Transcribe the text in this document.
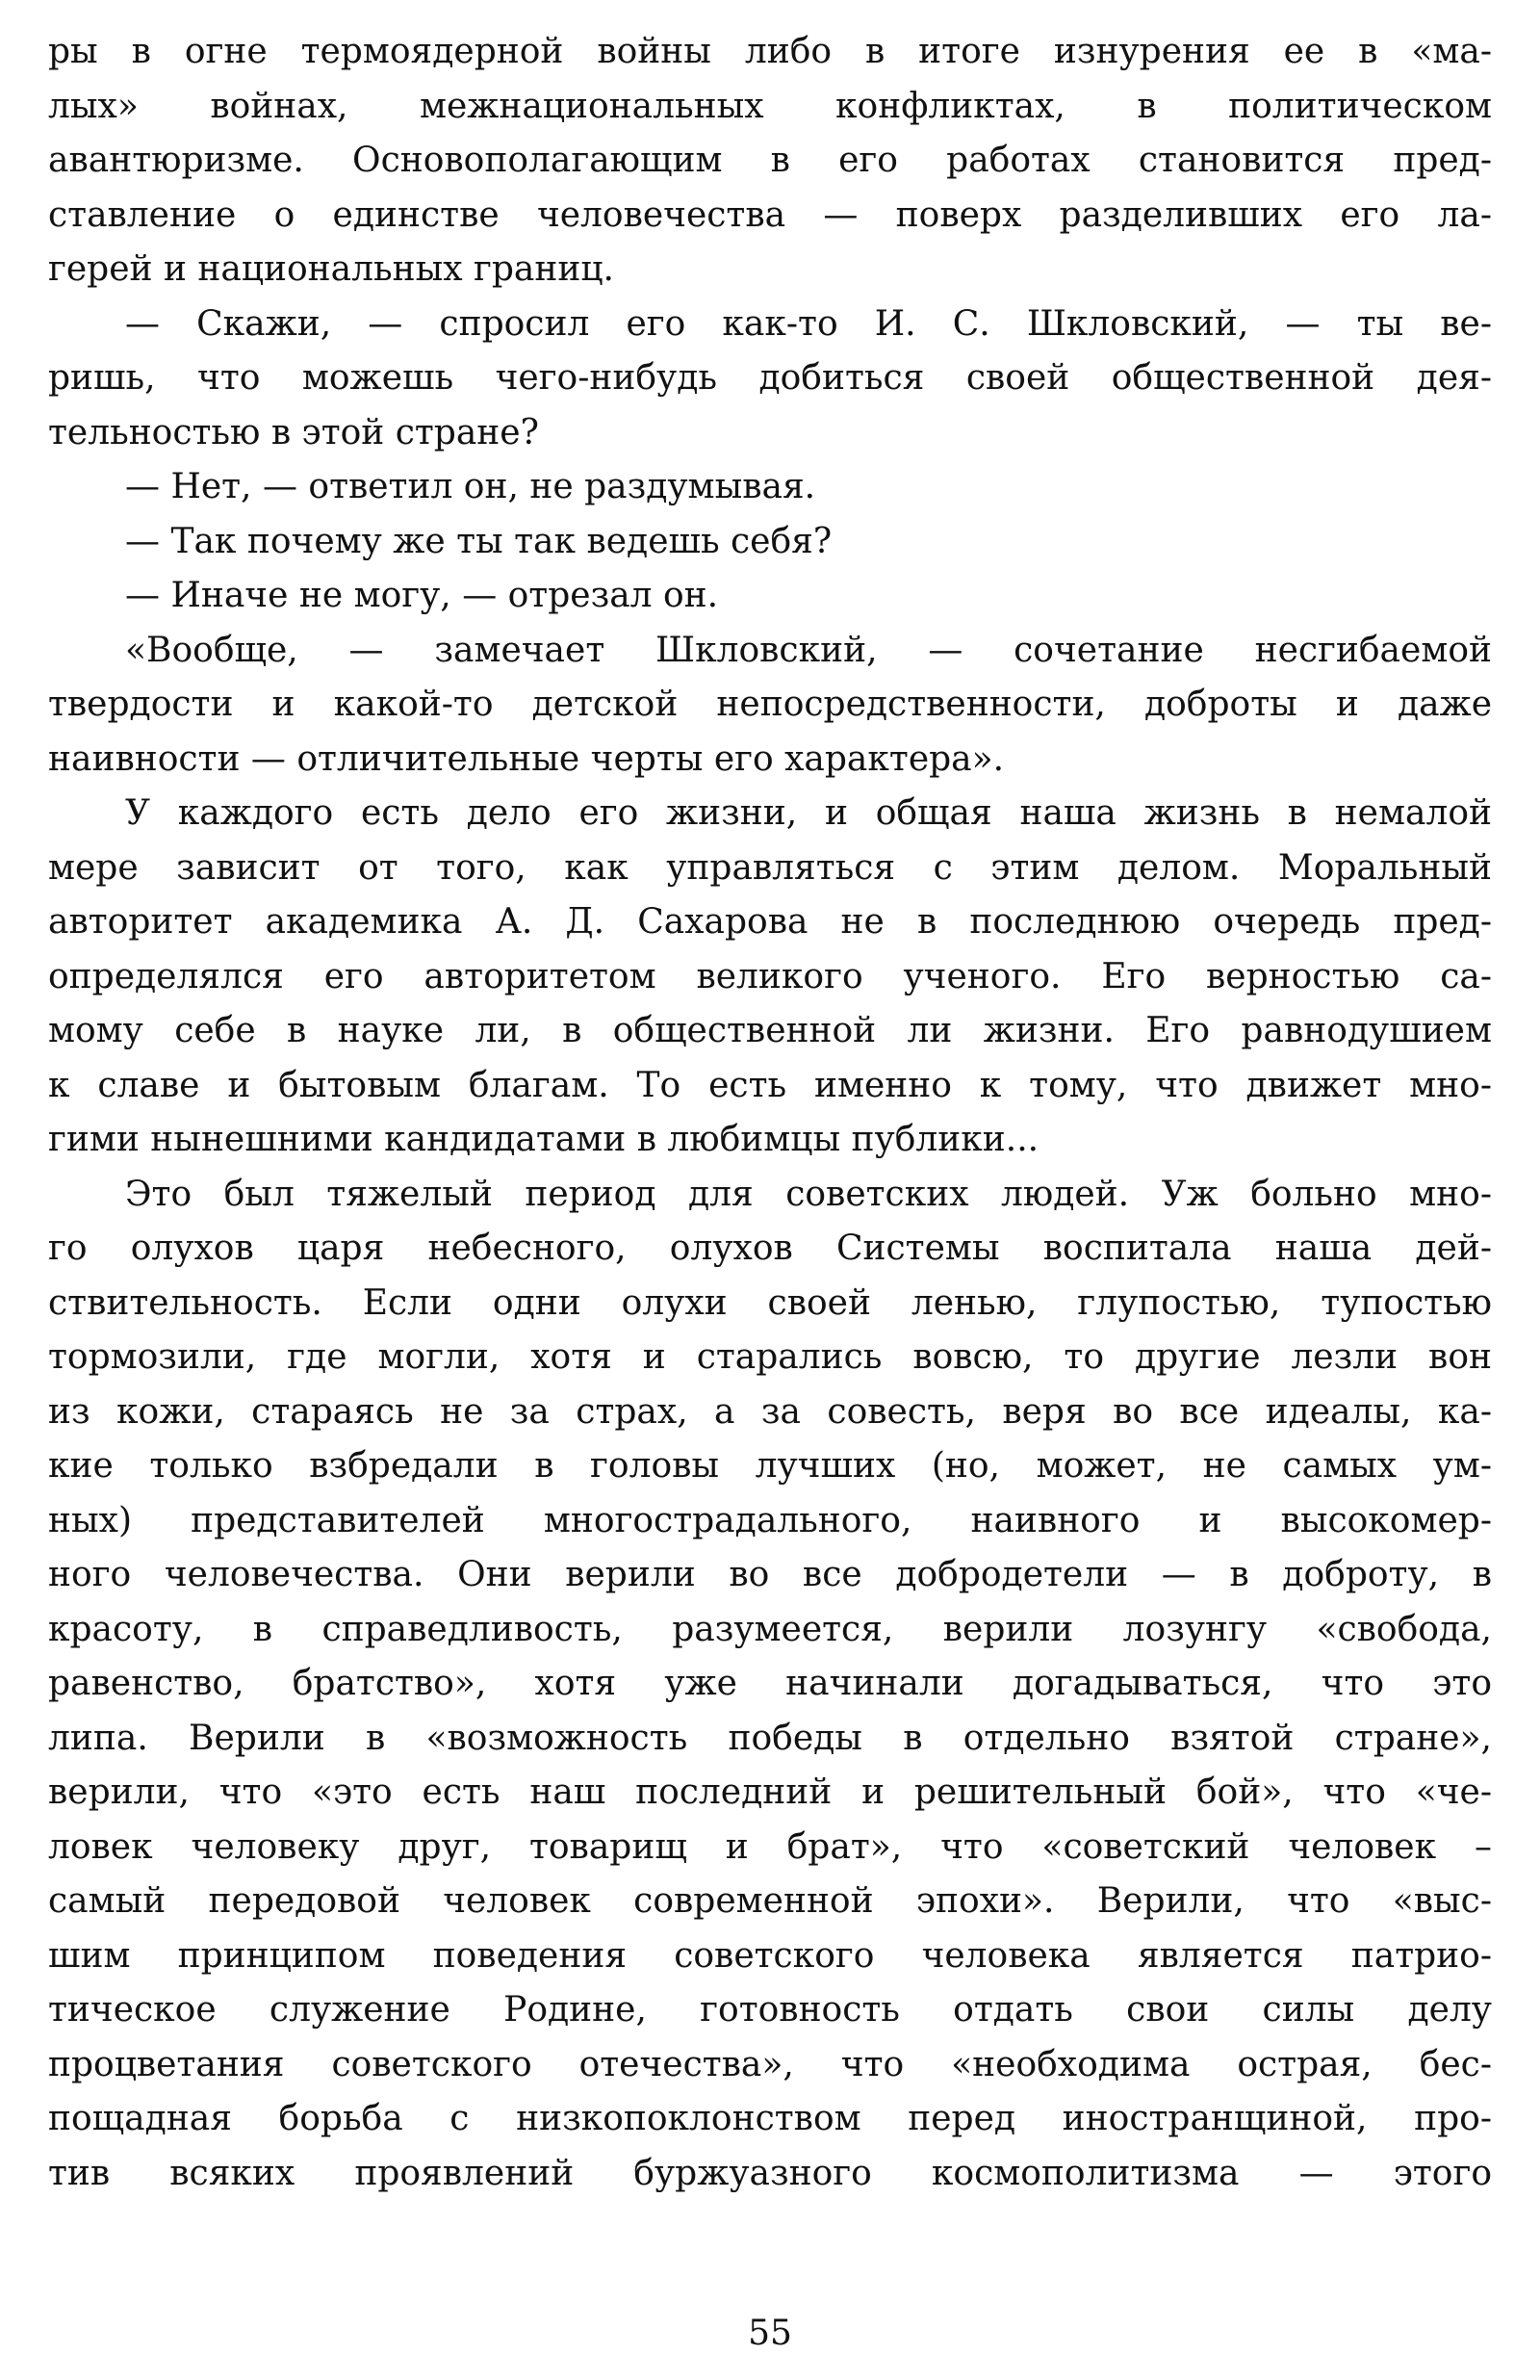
ры в огне термоядерной войны либо в итоге изнурения ее в «ма-
лых» войнах, межнациональных конфликтах, в политическом
авантюризме. Основополагающим в его работах становится пред-
ставление о единстве человечества — поверх разделивших его ла-
герей и национальных границ.
— Скажи, — спросил его как-то И. С. Шкловский, — ты ве-
ришь, что можешь чего-нибудь добиться своей общественной дея-
тельностью в этой стране?
— Нет, — ответил он, не раздумывая.
— Так почему же ты так ведешь себя?
— Иначе не могу, — отрезал он.
«Вообще, — замечает Шкловский, — сочетание несгибаемой
твердости и какой-то детской непосредственности, доброты и даже
наивности — отличительные черты его характера».
У каждого есть дело его жизни, и общая наша жизнь в немалой
мере зависит от того, как управляться с этим делом. Моральный
авторитет академика А. Д. Сахарова не в последнюю очередь пред-
определялся его авторитетом великого ученого. Его верностью са-
мому себе в науке ли, в общественной ли жизни. Его равнодушием
к славе и бытовым благам. То есть именно к тому, что движет мно-
гими нынешними кандидатами в любимцы публики...
Это был тяжелый период для советских людей. Уж больно мно-
го олухов царя небесного, олухов Системы воспитала наша дей-
ствительность. Если одни олухи своей ленью, глупостью, тупостью
тормозили, где могли, хотя и старались вовсю, то другие лезли вон
из кожи, стараясь не за страх, а за совесть, веря во все идеалы, ка-
кие только взбредали в головы лучших (но, может, не самых ум-
ных) представителей многострадального, наивного и высокомер-
ного человечества. Они верили во все добродетели — в доброту, в
красоту, в справедливость, разумеется, верили лозунгу «свобода,
равенство, братство», хотя уже начинали догадываться, что это
липа. Верили в «возможность победы в отдельно взятой стране»,
верили, что «это есть наш последний и решительный бой», что «че-
ловек человеку друг, товарищ и брат», что «советский человек –
самый передовой человек современной эпохи». Верили, что «выс-
шим принципом поведения советского человека является патрио-
тическое служение Родине, готовность отдать свои силы делу
процветания советского отечества», что «необходима острая, бес-
пощадная борьба с низкопоклонством перед иностранщиной, про-
тив всяких проявлений буржуазного космополитизма — этого
55
